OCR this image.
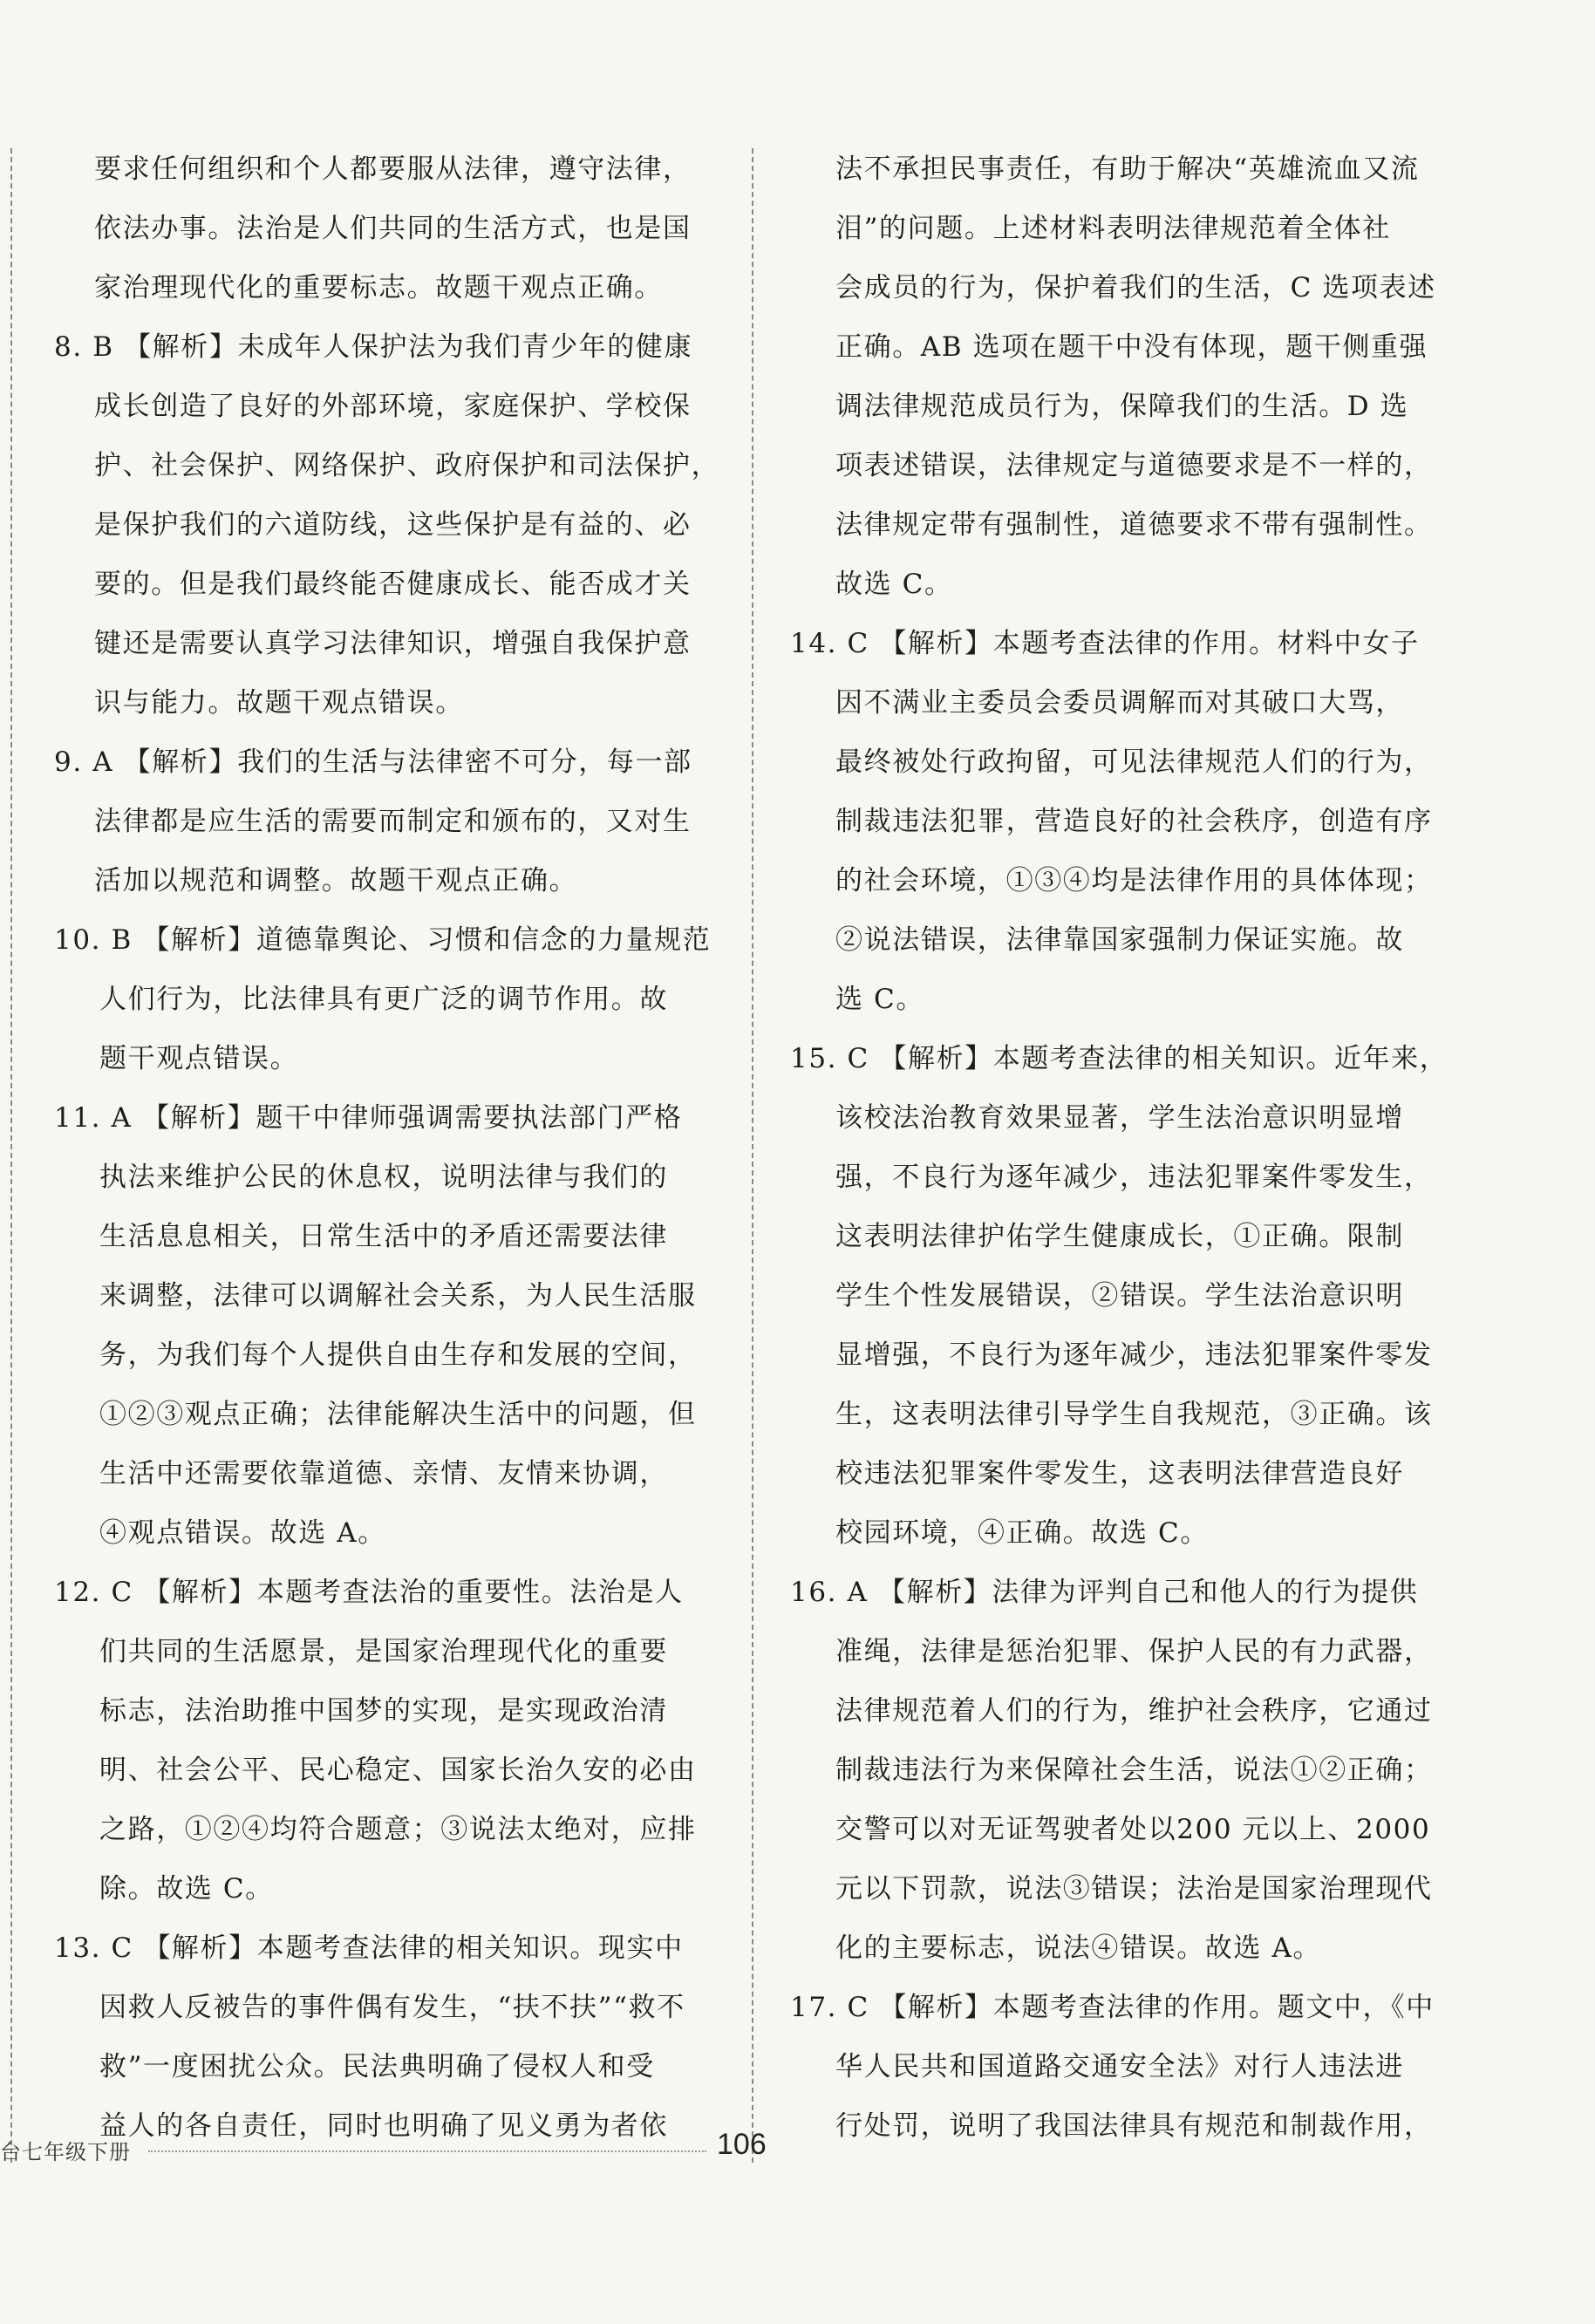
要求任何组织和个人都要服从法律，遵守法律，
依法办事。法治是人们共同的生活方式，也是国
家治理现代化的重要标志。故题干观点正确。
8. B 【解析】未成年人保护法为我们青少年的健康
成长创造了良好的外部环境，家庭保护、学校保
护、社会保护、网络保护、政府保护和司法保护，
是保护我们的六道防线，这些保护是有益的、必
要的。但是我们最终能否健康成长、能否成才关
键还是需要认真学习法律知识，增强自我保护意
识与能力。故题干观点错误。
9. A 【解析】我们的生活与法律密不可分，每一部
法律都是应生活的需要而制定和颁布的，又对生
活加以规范和调整。故题干观点正确。
10. B 【解析】道德靠舆论、习惯和信念的力量规范
人们行为，比法律具有更广泛的调节作用。故
题干观点错误。
11. A 【解析】题干中律师强调需要执法部门严格
执法来维护公民的休息权，说明法律与我们的
生活息息相关，日常生活中的矛盾还需要法律
来调整，法律可以调解社会关系，为人民生活服
务，为我们每个人提供自由生存和发展的空间，
①②③观点正确；法律能解决生活中的问题，但
生活中还需要依靠道德、亲情、友情来协调，
④观点错误。故选 A。
12. C 【解析】本题考查法治的重要性。法治是人
们共同的生活愿景，是国家治理现代化的重要
标志，法治助推中国梦的实现，是实现政治清
明、社会公平、民心稳定、国家长治久安的必由
之路，①②④均符合题意；③说法太绝对，应排
除。故选 C。
13. C 【解析】本题考查法律的相关知识。现实中
因救人反被告的事件偶有发生，“扶不扶”“救不
救”一度困扰公众。民法典明确了侵权人和受
益人的各自责任，同时也明确了见义勇为者依
法不承担民事责任，有助于解决“英雄流血又流
泪”的问题。上述材料表明法律规范着全体社
会成员的行为，保护着我们的生活，C 选项表述
正确。AB 选项在题干中没有体现，题干侧重强
调法律规范成员行为，保障我们的生活。D 选
项表述错误，法律规定与道德要求是不一样的，
法律规定带有强制性，道德要求不带有强制性。
故选 C。
14. C 【解析】本题考查法律的作用。材料中女子
因不满业主委员会委员调解而对其破口大骂，
最终被处行政拘留，可见法律规范人们的行为，
制裁违法犯罪，营造良好的社会秩序，创造有序
的社会环境，①③④均是法律作用的具体体现；
②说法错误，法律靠国家强制力保证实施。故
选 C。
15. C 【解析】本题考查法律的相关知识。近年来，
该校法治教育效果显著，学生法治意识明显增
强，不良行为逐年减少，违法犯罪案件零发生，
这表明法律护佑学生健康成长，①正确。限制
学生个性发展错误，②错误。学生法治意识明
显增强，不良行为逐年减少，违法犯罪案件零发
生，这表明法律引导学生自我规范，③正确。该
校违法犯罪案件零发生，这表明法律营造良好
校园环境，④正确。故选 C。
16. A 【解析】法律为评判自己和他人的行为提供
准绳，法律是惩治犯罪、保护人民的有力武器，
法律规范着人们的行为，维护社会秩序，它通过
制裁违法行为来保障社会生活，说法①②正确；
交警可以对无证驾驶者处以200 元以上、2000
元以下罚款，说法③错误；法治是国家治理现代
化的主要标志，说法④错误。故选 A。
17. C 【解析】本题考查法律的作用。题文中，《中
华人民共和国道路交通安全法》对行人违法进
行处罚，说明了我国法律具有规范和制裁作用，
台七年级下册	106
